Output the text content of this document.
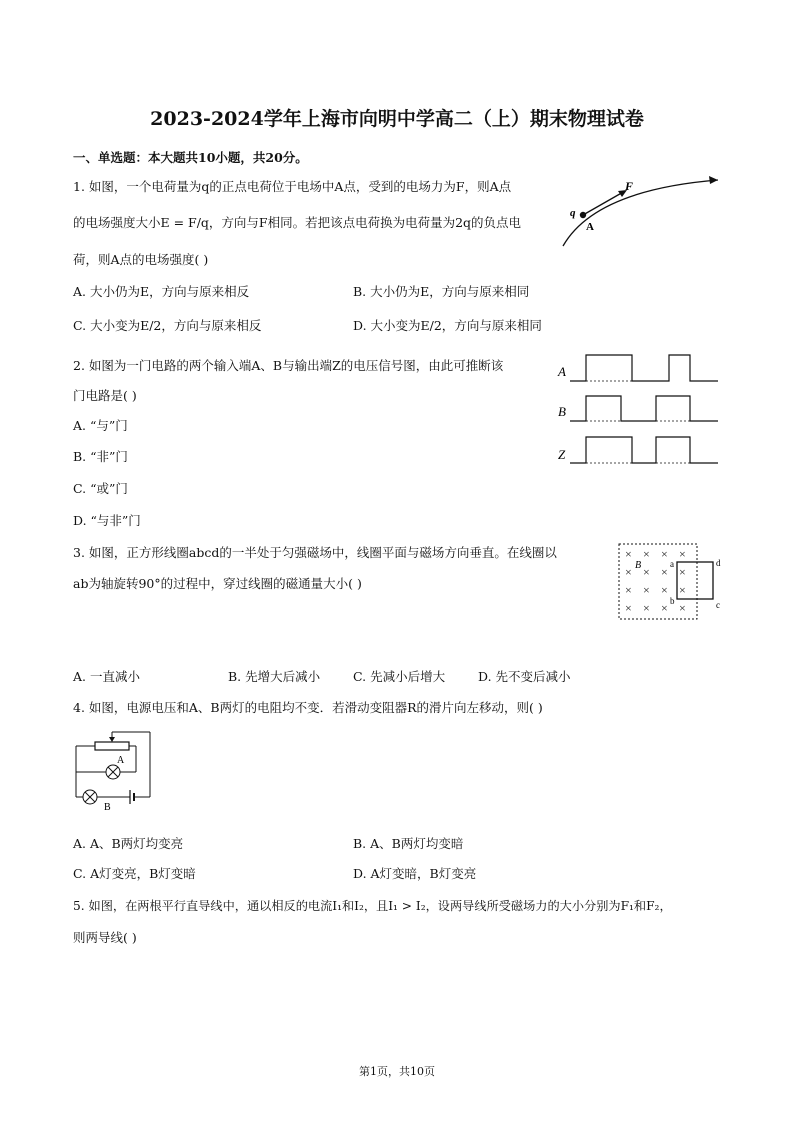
2023-2024学年上海市向明中学高二（上）期末物理试卷
一、单选题：本大题共10小题，共20分。
1. 如图，一个电荷量为q的正点电荷位于电场中A点，受到的电场力为F，则A点
的电场强度大小E = F/q，方向与F相同。若把该点电荷换为电荷量为2q的负点电
荷，则A点的电场强度( )
A. 大小仍为E，方向与原来相反	B. 大小仍为E，方向与原来相同
C. 大小变为E/2，方向与原来相反	D. 大小变为E/2，方向与原来相同
F
q
A
2. 如图为一门电路的两个输入端A、B与输出端Z的电压信号图，由此可推断该
门电路是( )
A. “与”门
B. “非”门
C. “或”门
D. “与非”门
A
B
Z
3. 如图，正方形线圈abcd的一半处于匀强磁场中，线圈平面与磁场方向垂直。在线圈以
ab为轴旋转90°的过程中，穿过线圈的磁通量大小( )
A. 一直减小	B. 先增大后减小	C. 先减小后增大	D. 先不变后减小
× × × ×
× × × ×
× × × ×
× × × ×
B	a
b	c
d
4. 如图，电源电压和A、B两灯的电阻均不变．若滑动变阻器R的滑片向左移动，则( )
A
B
A. A、B两灯均变亮	B. A、B两灯均变暗
C. A灯变亮，B灯变暗	D. A灯变暗，B灯变亮
5. 如图，在两根平行直导线中，通以相反的电流I₁和I₂，且I₁ > I₂，设两导线所受磁场力的大小分别为F₁和F₂，
则两导线( )
第1页，共10页
